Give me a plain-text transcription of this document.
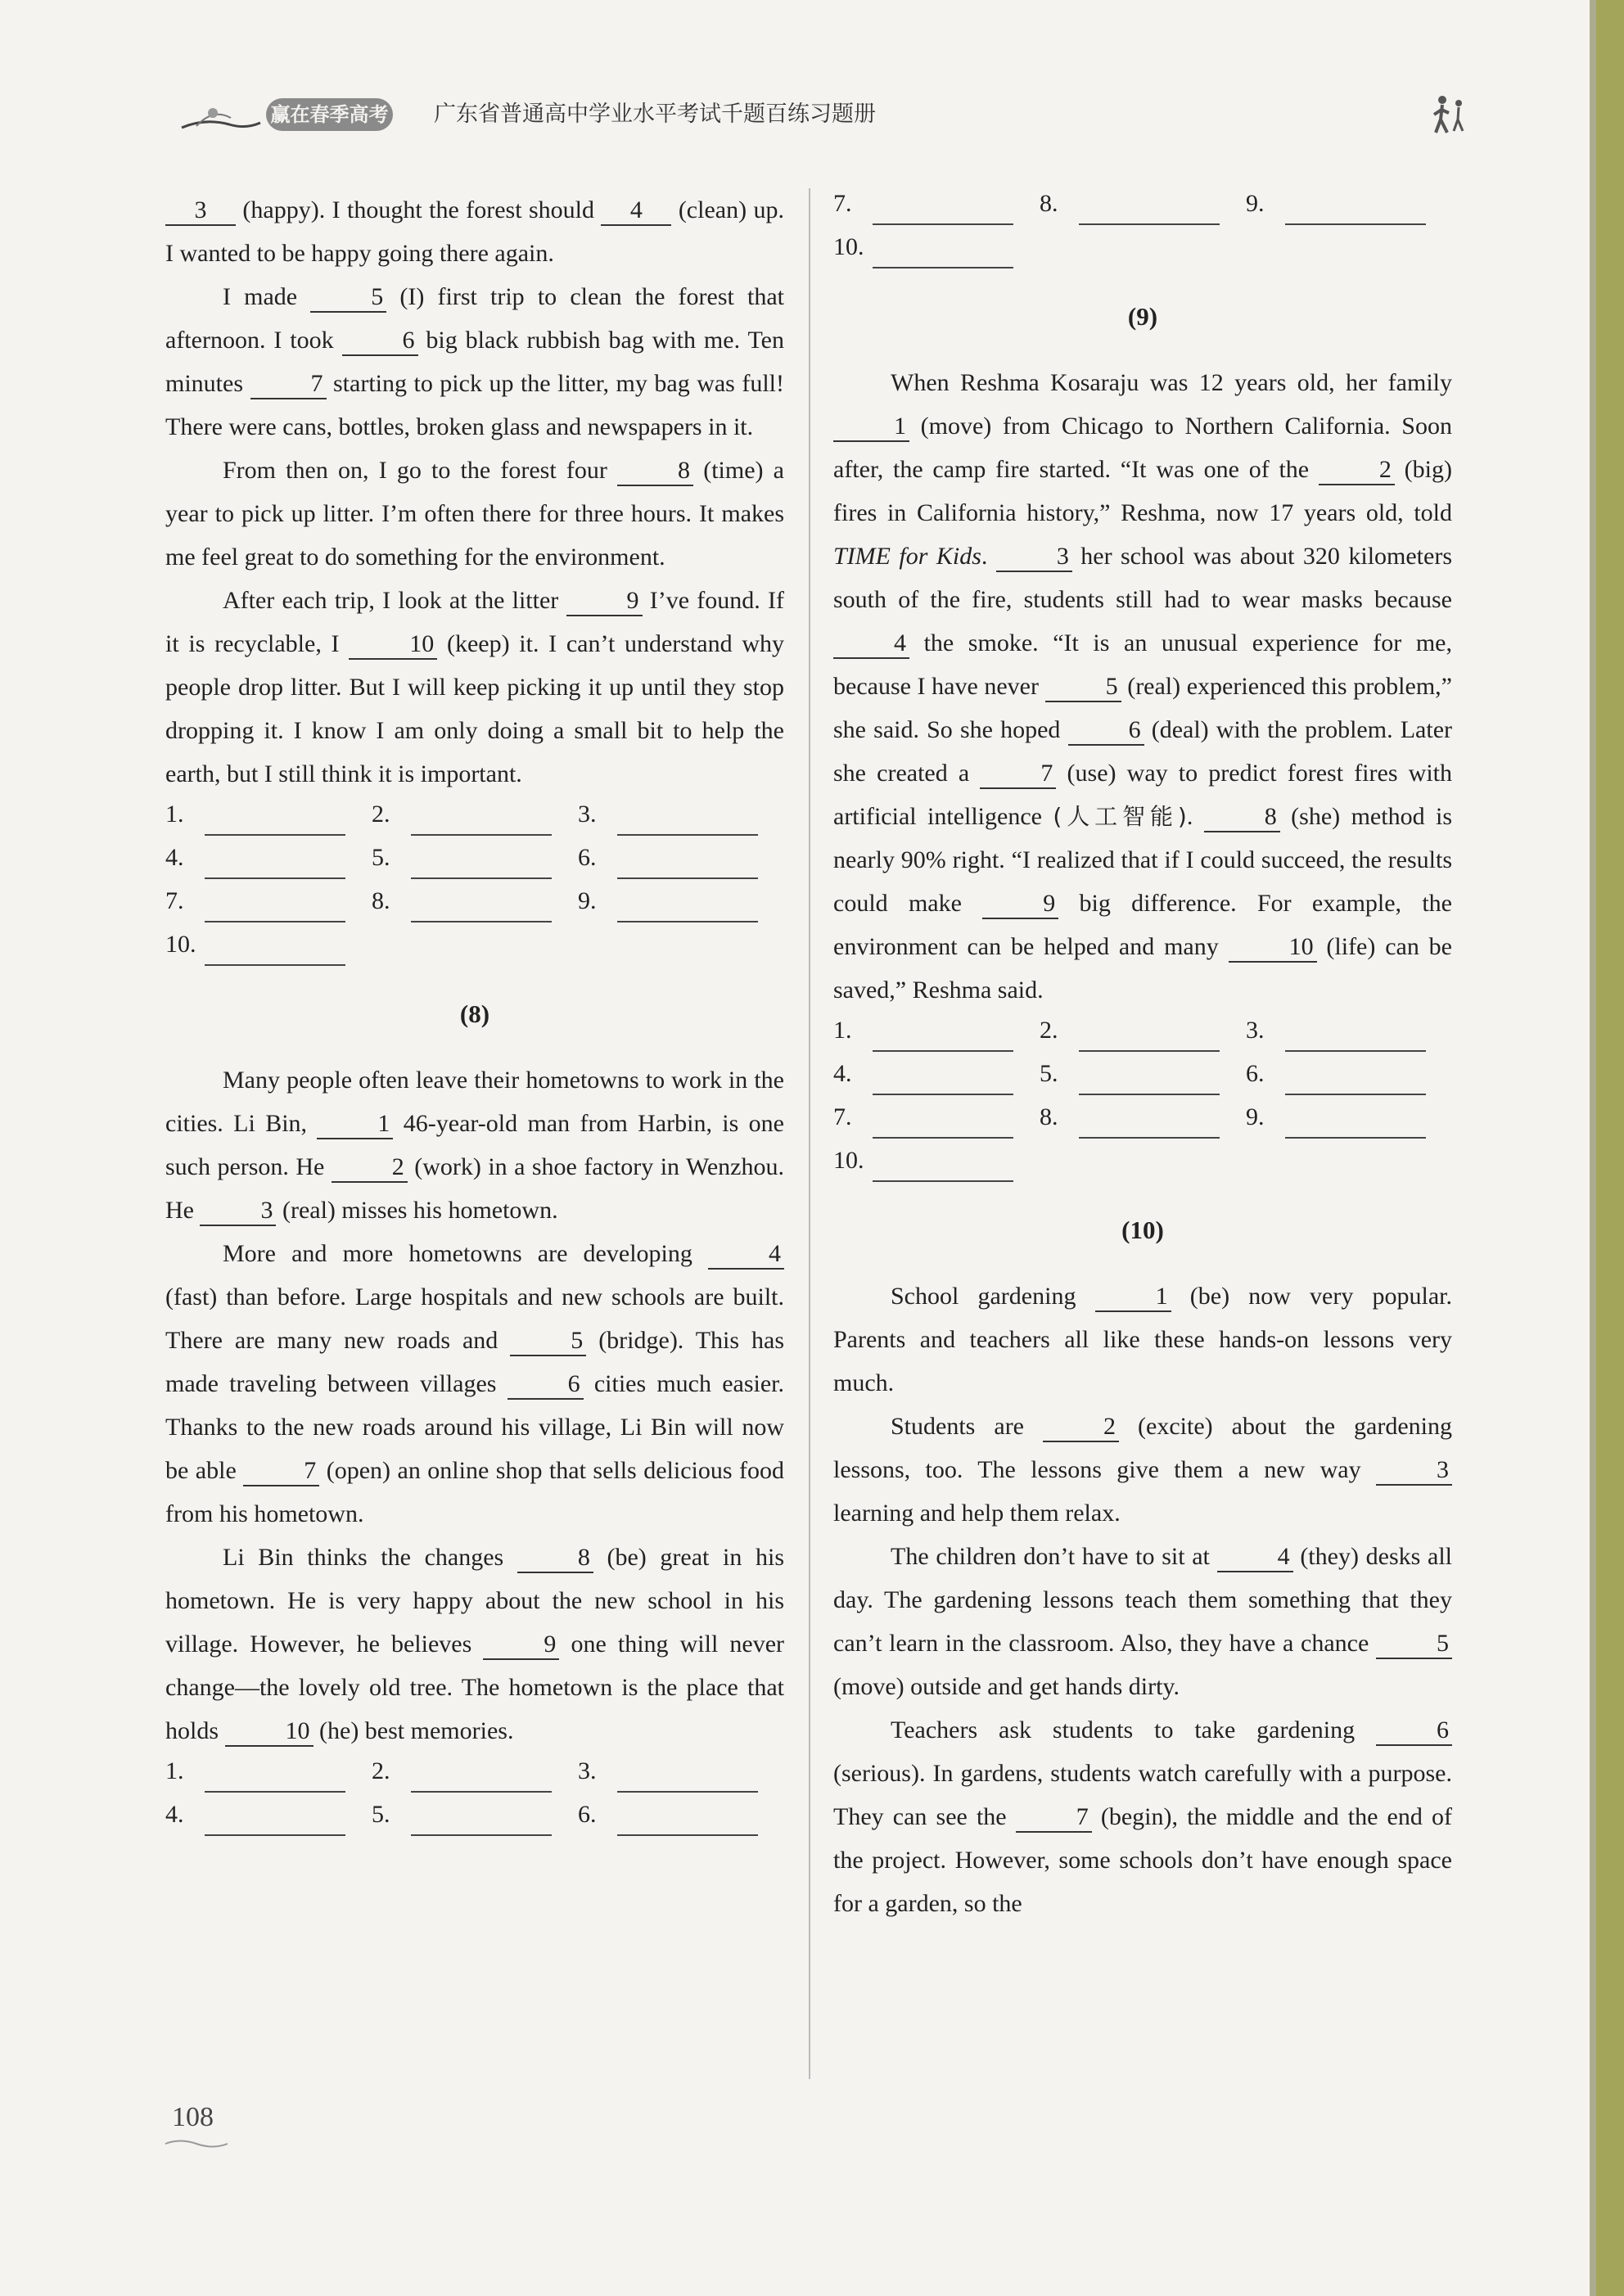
赢在春季高考 广东省普通高中学业水平考试千题百练习题册

3 (happy). I thought the forest should 4 (clean) up. I wanted to be happy going there again.

I made 5 (I) first trip to clean the forest that afternoon. I took 6 big black rubbish bag with me. Ten minutes 7 starting to pick up the litter, my bag was full! There were cans, bottles, broken glass and newspapers in it.

From then on, I go to the forest four 8 (time) a year to pick up litter. I’m often there for three hours. It makes me feel great to do something for the environment.

After each trip, I look at the litter 9 I’ve found. If it is recyclable, I 10 (keep) it. I can’t understand why people drop litter. But I will keep picking it up until they stop dropping it. I know I am only doing a small bit to help the earth, but I still think it is important.

1.	2.	3.
4.	5.	6.
7.	8.	9.
10.
(8)

Many people often leave their hometowns to work in the cities. Li Bin, 1 46-year-old man from Harbin, is one such person. He 2 (work) in a shoe factory in Wenzhou. He 3 (real) misses his hometown.

More and more hometowns are developing 4 (fast) than before. Large hospitals and new schools are built. There are many new roads and 5 (bridge). This has made traveling between villages 6 cities much easier. Thanks to the new roads around his village, Li Bin will now be able 7 (open) an online shop that sells delicious food from his hometown.

Li Bin thinks the changes 8 (be) great in his hometown. He is very happy about the new school in his village. However, he believes 9 one thing will never change—the lovely old tree. The hometown is the place that holds 10 (he) best memories.

1.	2.	3.
4.	5.	6.
7.	8.	9.
10.
(9)

When Reshma Kosaraju was 12 years old, her family 1 (move) from Chicago to Northern California. Soon after, the camp fire started. “It was one of the 2 (big) fires in California history,” Reshma, now 17 years old, told TIME for Kids. 3 her school was about 320 kilometers south of the fire, students still had to wear masks because 4 the smoke. “It is an unusual experience for me, because I have never 5 (real) experienced this problem,” she said. So she hoped 6 (deal) with the problem. Later she created a 7 (use) way to predict forest fires with artificial intelligence (人工智能). 8 (she) method is nearly 90% right. “I realized that if I could succeed, the results could make 9 big difference. For example, the environment can be helped and many 10 (life) can be saved,” Reshma said.

1.	2.	3.
4.	5.	6.
7.	8.	9.
10.
(10)

School gardening 1 (be) now very popular. Parents and teachers all like these hands-on lessons very much.

Students are 2 (excite) about the gardening lessons, too. The lessons give them a new way 3 learning and help them relax.

The children don’t have to sit at 4 (they) desks all day. The gardening lessons teach them something that they can’t learn in the classroom. Also, they have a chance 5 (move) outside and get hands dirty.

Teachers ask students to take gardening 6 (serious). In gardens, students watch carefully with a purpose. They can see the 7 (begin), the middle and the end of the project. However, some schools don’t have enough space for a garden, so the

108
